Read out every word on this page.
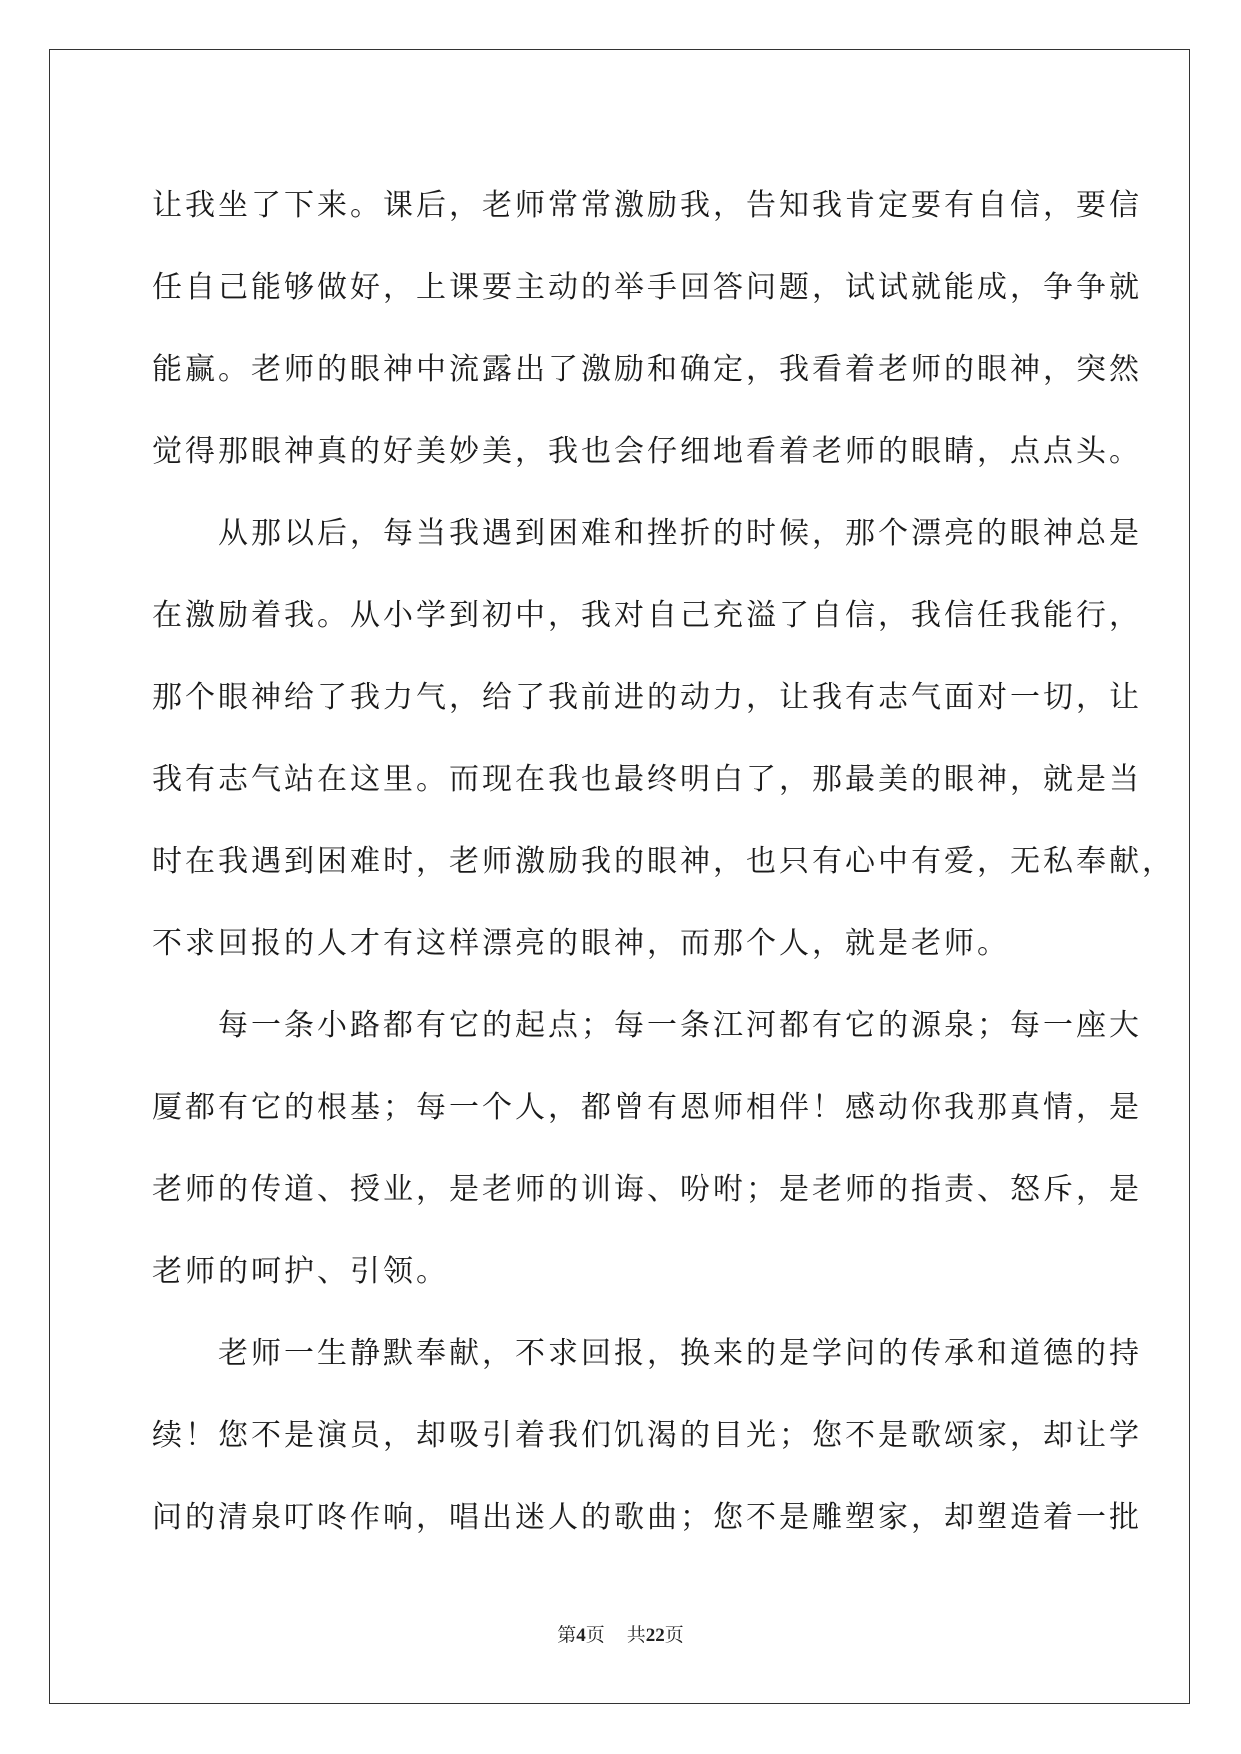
让我坐了下来。课后，老师常常激励我，告知我肯定要有自信，要信
任自己能够做好，上课要主动的举手回答问题，试试就能成，争争就
能赢。老师的眼神中流露出了激励和确定，我看着老师的眼神，突然
觉得那眼神真的好美妙美，我也会仔细地看着老师的眼睛，点点头。
　　从那以后，每当我遇到困难和挫折的时候，那个漂亮的眼神总是
在激励着我。从小学到初中，我对自己充溢了自信，我信任我能行，
那个眼神给了我力气，给了我前进的动力，让我有志气面对一切，让
我有志气站在这里。而现在我也最终明白了，那最美的眼神，就是当
时在我遇到困难时，老师激励我的眼神，也只有心中有爱，无私奉献，
不求回报的人才有这样漂亮的眼神，而那个人，就是老师。
　　每一条小路都有它的起点；每一条江河都有它的源泉；每一座大
厦都有它的根基；每一个人，都曾有恩师相伴！感动你我那真情，是
老师的传道、授业，是老师的训诲、吩咐；是老师的指责、怒斥，是
老师的呵护、引领。
　　老师一生静默奉献，不求回报，换来的是学问的传承和道德的持
续！您不是演员，却吸引着我们饥渴的目光；您不是歌颂家，却让学
问的清泉叮咚作响，唱出迷人的歌曲；您不是雕塑家，却塑造着一批
第4页 共22页
